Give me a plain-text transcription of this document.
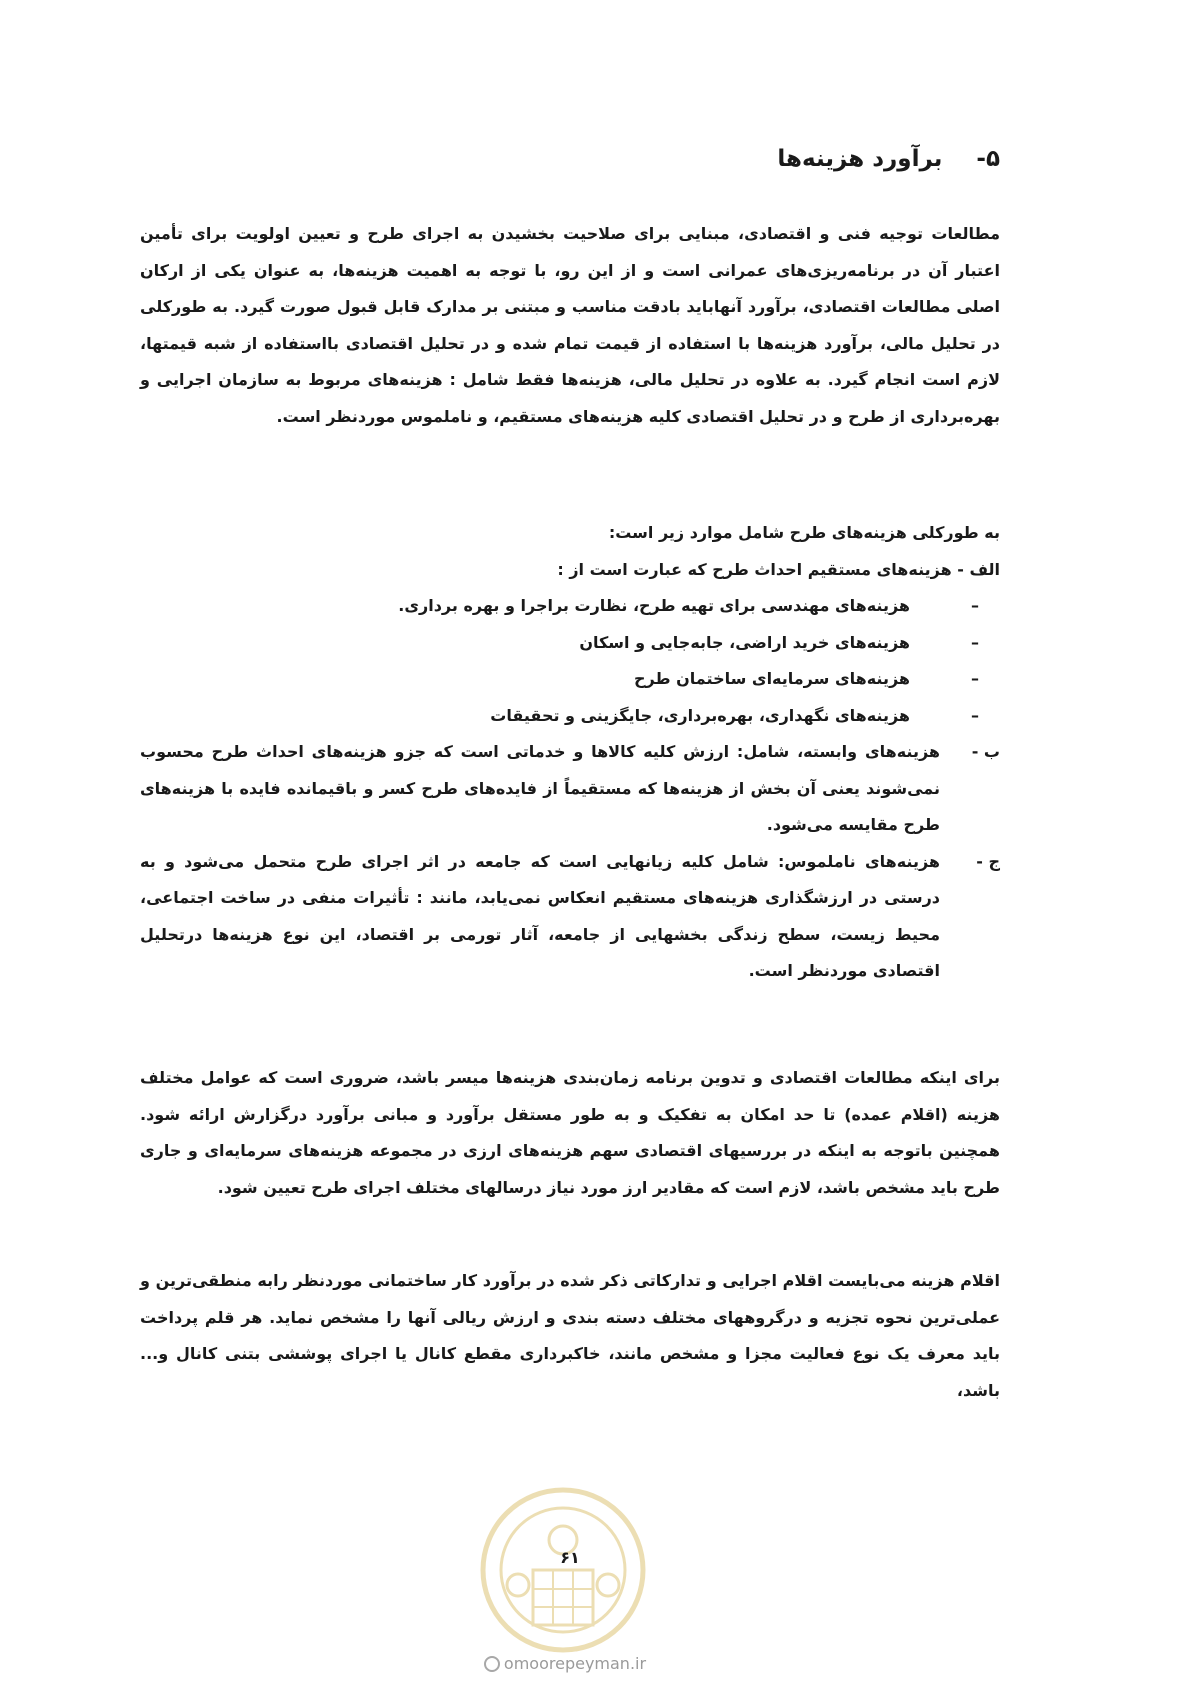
۵-
برآورد هزینه‌ها

مطالعات توجیه فنی و اقتصادی، مبنایی برای صلاحیت بخشیدن به اجرای طرح و تعیین اولویت برای تأمین اعتبار آن در برنامه‌ریزی‌های عمرانی است و از این رو، با توجه به اهمیت هزینه‌ها، به عنوان یکی از ارکان اصلی مطالعات اقتصادی، برآورد آنهاباید بادقت مناسب و مبتنی بر مدارک قابل قبول صورت گیرد. به طورکلی در تحلیل مالی، برآورد هزینه‌ها با استفاده از قیمت تمام شده و در تحلیل اقتصادی بااستفاده از شبه قیمتها، لازم است انجام گیرد. به علاوه در تحلیل مالی، هزینه‌ها فقط شامل : هزینه‌های مربوط به سازمان اجرایی و بهره‌برداری از طرح و در تحلیل اقتصادی کلیه هزینه‌های مستقیم، و ناملموس موردنظر است.

به طورکلی هزینه‌های طرح شامل موارد زیر است:

الف - هزینه‌های مستقیم احداث طرح که عبارت است از :

–
هزینه‌های مهندسی برای تهیه طرح، نظارت براجرا و بهره برداری.
–
هزینه‌های خرید اراضی، جابه‌جایی و اسکان
–
هزینه‌های سرمایه‌ای ساختمان طرح
–
هزینه‌های نگهداری، بهره‌برداری، جایگزینی و تحقیقات
ب -
هزینه‌های وابسته، شامل: ارزش کلیه کالاها و خدماتی است که جزو هزینه‌های احداث طرح محسوب نمی‌شوند یعنی آن بخش از هزینه‌ها که مستقیماً از فایده‌های طرح کسر و باقیمانده فایده با هزینه‌های طرح مقایسه می‌شود.
ج -
هزینه‌های ناملموس: شامل کلیه زیانهایی است که جامعه در اثر اجرای طرح متحمل می‌شود و به درستی در ارزشگذاری هزینه‌های مستقیم انعکاس نمی‌یابد، مانند : تأثیرات منفی در ساخت اجتماعی، محیط زیست، سطح زندگی بخشهایی از جامعه، آثار تورمی بر اقتصاد، این نوع هزینه‌ها درتحلیل اقتصادی موردنظر است.

برای اینکه مطالعات اقتصادی و تدوین برنامه زمان‌بندی هزینه‌ها میسر باشد، ضروری است که عوامل مختلف هزینه (اقلام عمده) تا حد امکان به تفکیک و به طور مستقل برآورد و مبانی برآورد درگزارش ارائه شود. همچنین باتوجه به اینکه در بررسیهای اقتصادی سهم هزینه‌های ارزی در مجموعه هزینه‌های سرمایه‌ای و جاری طرح باید مشخص باشد، لازم است که مقادیر ارز مورد نیاز درسالهای مختلف اجرای طرح تعیین شود.

اقلام هزینه می‌بایست اقلام اجرایی و تدارکاتی ذکر شده در برآورد کار ساختمانی موردنظر رابه منطقی‌ترین و عملی‌ترین نحوه تجزیه و درگروههای مختلف دسته بندی و ارزش ریالی آنها را مشخص نماید. هر قلم پرداخت باید معرف یک نوع فعالیت مجزا و مشخص مانند، خاکبرداری مقطع کانال یا اجرای پوششی بتنی کانال و... باشد،

۶۱
omoorepeyman.ir
